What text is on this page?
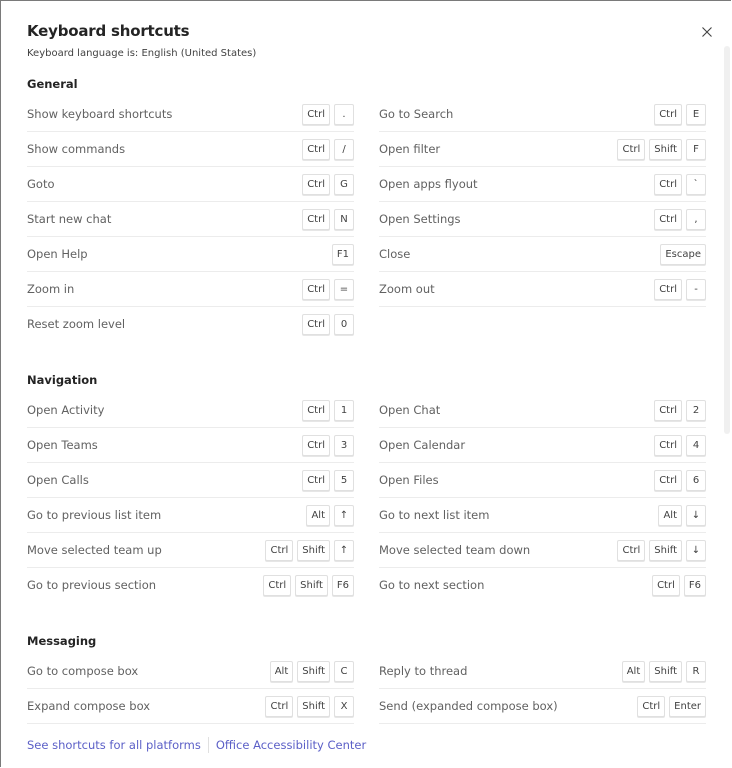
Keyboard shortcuts
Keyboard language is: English (United States)
General
Show keyboard shortcuts	Ctrl	.
Show commands	Ctrl	/
Goto	Ctrl	G
Start new chat	Ctrl	N
Open Help	F1
Zoom in	Ctrl	=
Reset zoom level	Ctrl	0
Go to Search	Ctrl	E
Open filter	Ctrl	Shift	F
Open apps flyout	Ctrl	`
Open Settings	Ctrl	,
Close	Escape
Zoom out	Ctrl	-
Navigation
Open Activity	Ctrl	1
Open Teams	Ctrl	3
Open Calls	Ctrl	5
Go to previous list item	Alt	↑
Move selected team up	Ctrl	Shift	↑
Go to previous section	Ctrl	Shift	F6
Open Chat	Ctrl	2
Open Calendar	Ctrl	4
Open Files	Ctrl	6
Go to next list item	Alt	↓
Move selected team down	Ctrl	Shift	↓
Go to next section	Ctrl	F6
Messaging
Go to compose box	Alt	Shift	C
Expand compose box	Ctrl	Shift	X
Reply to thread	Alt	Shift	R
Send (expanded compose box)	Ctrl	Enter
See shortcuts for all platforms Office Accessibility Center
